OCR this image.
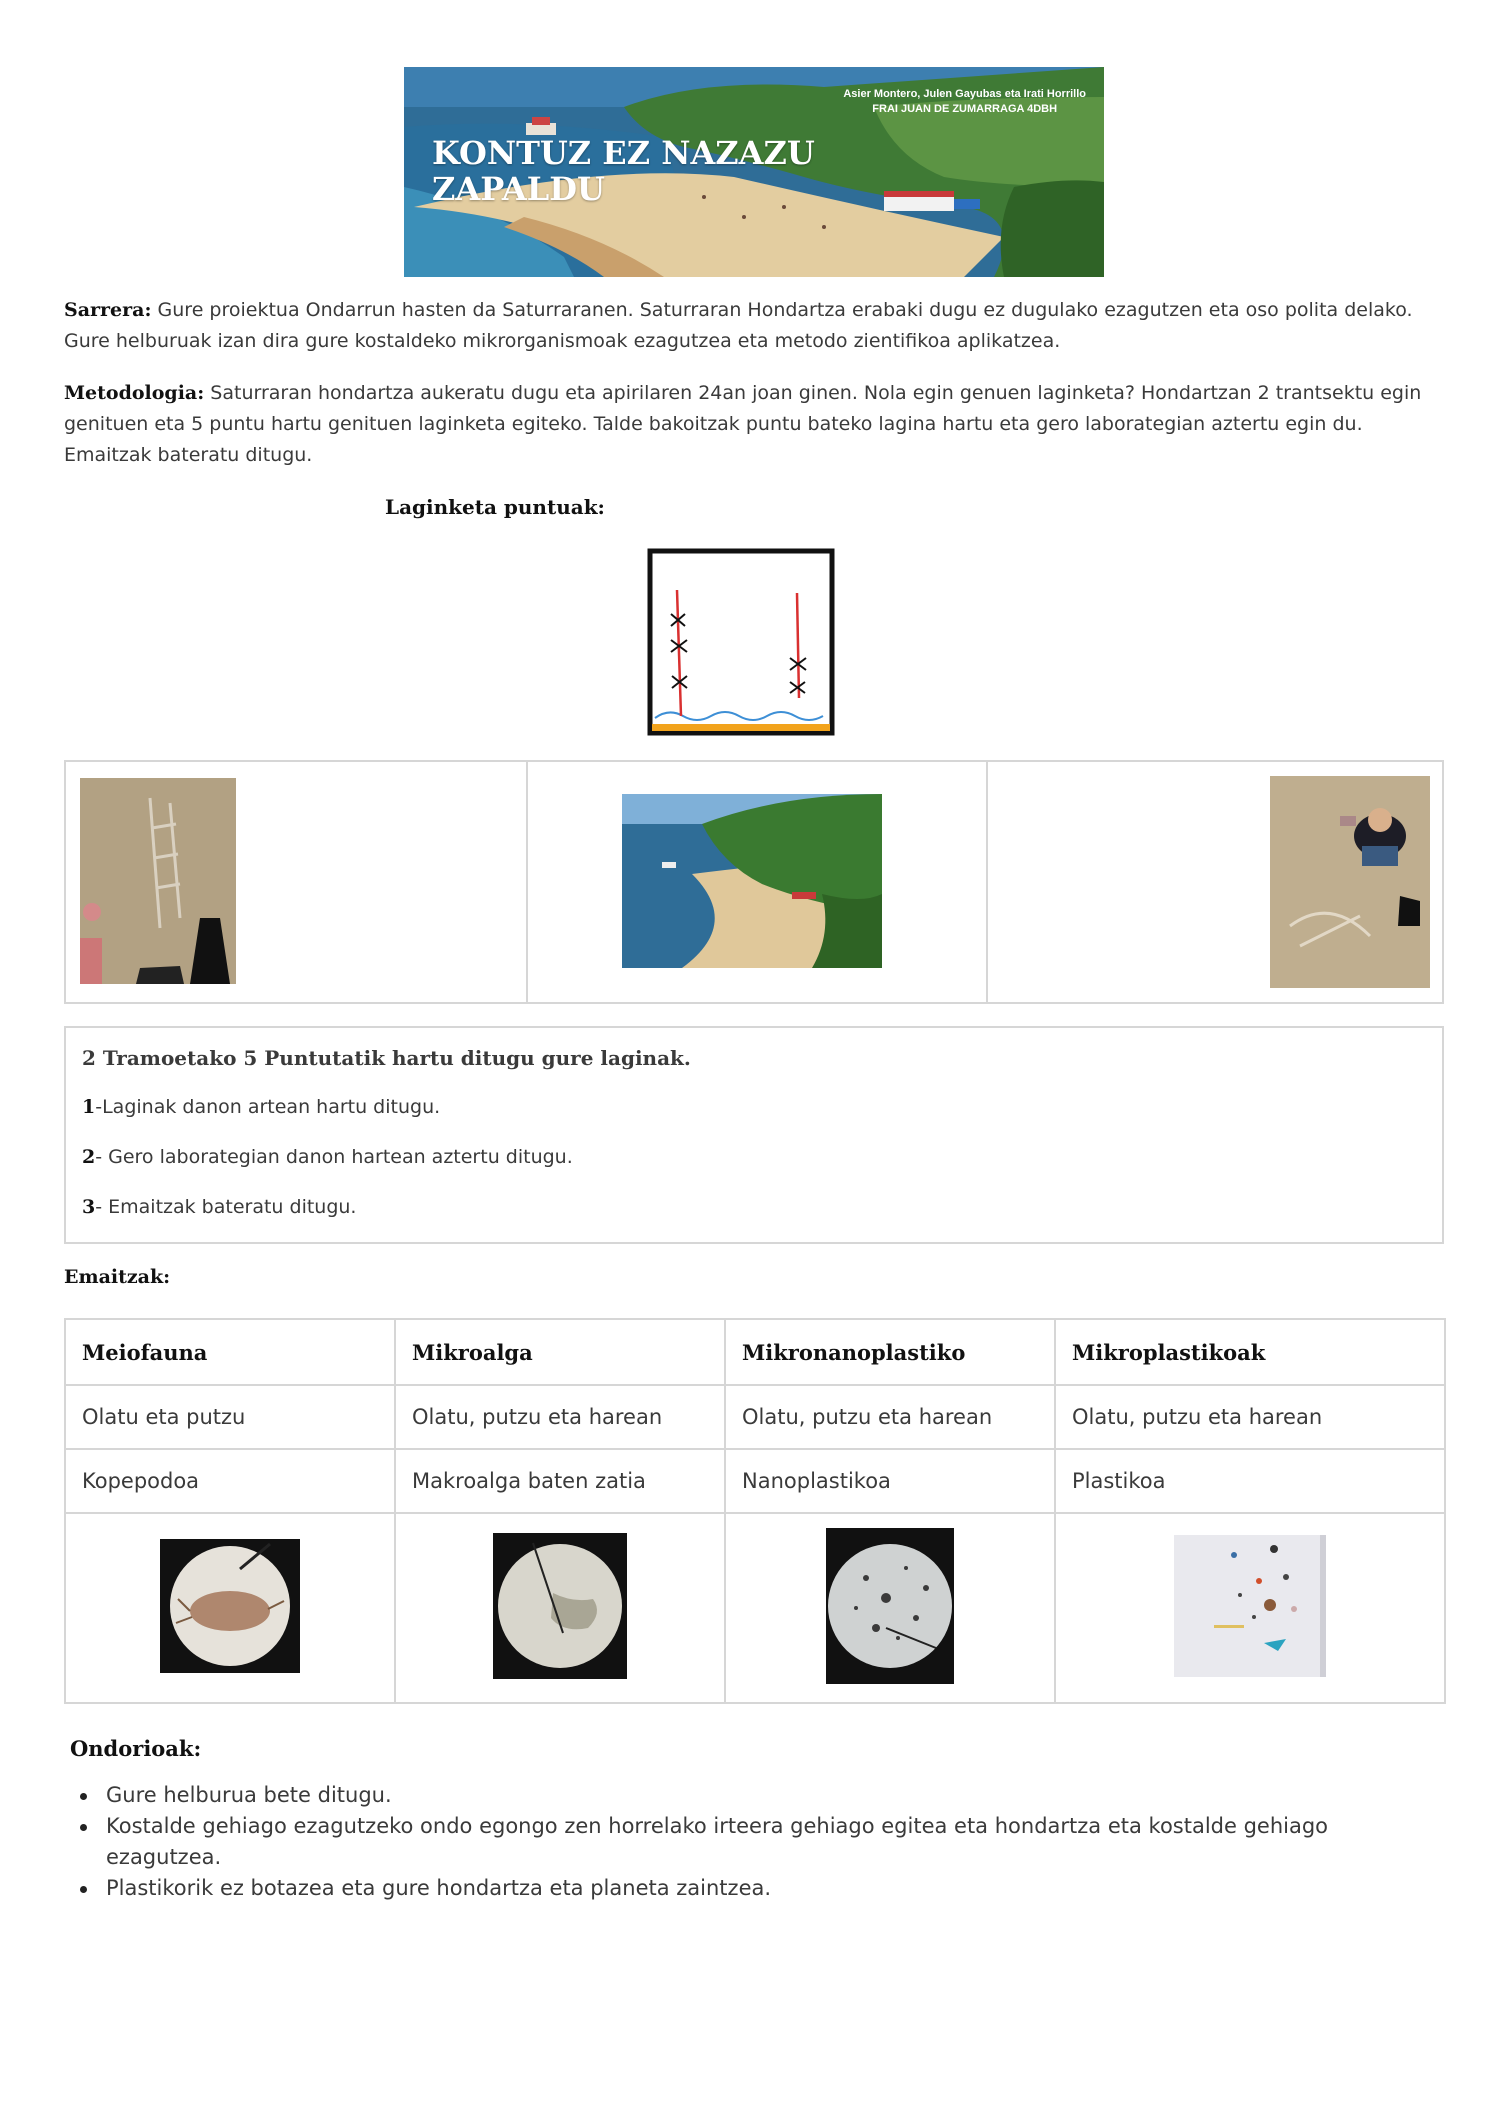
Asier Montero, Julen Gayubas eta Irati Horrillo
FRAI JUAN DE ZUMARRAGA 4DBH
KONTUZ EZ NAZAZU
ZAPALDU
Sarrera: Gure proiektua Ondarrun hasten da Saturraranen. Saturraran Hondartza erabaki dugu ez dugulako ezagutzen eta oso polita delako. Gure helburuak izan dira gure kostaldeko mikrorganismoak ezagutzea eta metodo zientifikoa aplikatzea.
Metodologia: Saturraran hondartza aukeratu dugu eta apirilaren 24an joan ginen. Nola egin genuen laginketa? Hondartzan 2 trantsektu egin genituen eta 5 puntu hartu genituen laginketa egiteko. Talde bakoitzak puntu bateko lagina hartu eta gero laborategian aztertu egin du. Emaitzak bateratu ditugu.
Laginketa puntuak:
2 Tramoetako 5 Puntutatik hartu ditugu gure laginak.
1-Laginak danon artean hartu ditugu.
2- Gero laborategian danon hartean aztertu ditugu.
3- Emaitzak bateratu ditugu.
Emaitzak:
Meiofauna	Mikroalga	Mikronanoplastiko	Mikroplastikoak
Olatu eta putzu	Olatu, putzu eta harean	Olatu, putzu eta harean	Olatu, putzu eta harean
Kopepodoa	Makroalga baten zatia	Nanoplastikoa	Plastikoa

Ondorioak:
Gure helburua bete ditugu.
Kostalde gehiago ezagutzeko ondo egongo zen horrelako irteera gehiago egitea eta hondartza eta kostalde gehiago ezagutzea.
Plastikorik ez botazea eta gure hondartza eta planeta zaintzea.
